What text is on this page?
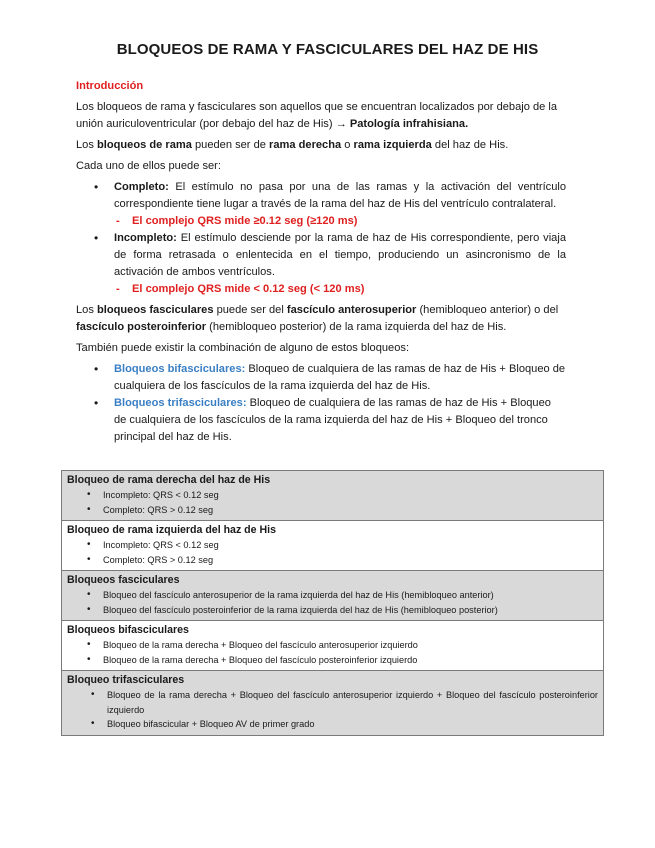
BLOQUEOS DE RAMA Y FASCICULARES DEL HAZ DE HIS

Introducción

Los bloqueos de rama y fasciculares son aquellos que se encuentran localizados por debajo de la unión auriculoventricular (por debajo del haz de His) → Patología infrahisiana.

Los bloqueos de rama pueden ser de rama derecha o rama izquierda del haz de His.

Cada uno de ellos puede ser:

• Completo: El estímulo no pasa por una de las ramas y la activación del ventrículo correspondiente tiene lugar a través de la rama del haz de His del ventrículo contralateral.
- El complejo QRS mide ≥0.12 seg (≥120 ms)
• Incompleto: El estímulo desciende por la rama de haz de His correspondiente, pero viaja de forma retrasada o enlentecida en el tiempo, produciendo un asincronismo de la activación de ambos ventrículos.
- El complejo QRS mide < 0.12 seg (< 120 ms)

Los bloqueos fasciculares puede ser del fascículo anterosuperior (hemibloqueo anterior) o del fascículo posteroinferior (hemibloqueo posterior) de la rama izquierda del haz de His.

También puede existir la combinación de alguno de estos bloqueos:

• Bloqueos bifasciculares: Bloqueo de cualquiera de las ramas de haz de His + Bloqueo de cualquiera de los fascículos de la rama izquierda del haz de His.
• Bloqueos trifasciculares: Bloqueo de cualquiera de las ramas de haz de His + Bloqueo de cualquiera de los fascículos de la rama izquierda del haz de His + Bloqueo del tronco principal del haz de His.
Bloqueo de rama derecha del haz de His
• Incompleto: QRS < 0.12 seg
• Completo: QRS > 0.12 seg

Bloqueo de rama izquierda del haz de His
• Incompleto: QRS < 0.12 seg
• Completo: QRS > 0.12 seg

Bloqueos fasciculares
• Bloqueo del fascículo anterosuperior de la rama izquierda del haz de His (hemibloqueo anterior)
• Bloqueo del fascículo posteroinferior de la rama izquierda del haz de His (hemibloqueo posterior)

Bloqueos bifasciculares
• Bloqueo de la rama derecha + Bloqueo del fascículo anterosuperior izquierdo
• Bloqueo de la rama derecha + Bloqueo del fascículo posteroinferior izquierdo

Bloqueo trifasciculares
• Bloqueo de la rama derecha + Bloqueo del fascículo anterosuperior izquierdo + Bloqueo del fascículo posteroinferior izquierdo
• Bloqueo bifascicular + Bloqueo AV de primer grado
